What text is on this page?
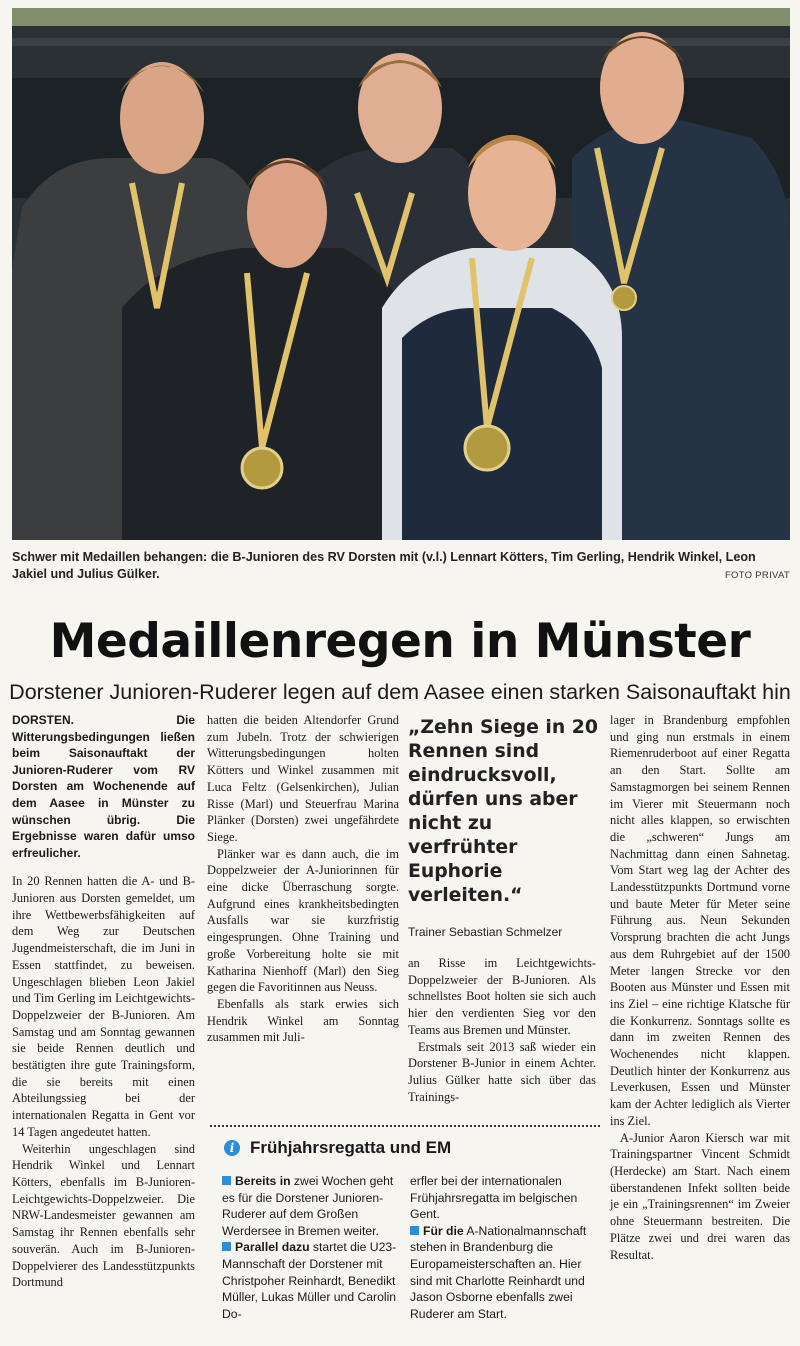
Schwer mit Medaillen behangen: die B-Junioren des RV Dorsten mit (v.l.) Lennart Kötters, Tim Gerling, Hendrik Winkel, Leon Jakiel und Julius Gülker.	FOTO PRIVAT
Medaillenregen in Münster
Dorstener Junioren-Ruderer legen auf dem Aasee einen starken Saisonauftakt hin

DORSTEN. Die Witterungsbedingungen ließen beim Saisonauftakt der Junioren-Ruderer vom RV Dorsten am Wochenende auf dem Aasee in Münster zu wünschen übrig. Die Ergebnisse waren dafür umso erfreulicher.

In 20 Rennen hatten die A- und B-Junioren aus Dorsten gemeldet, um ihre Wettbewerbsfähigkeiten auf dem Weg zur Deutschen Jugendmeisterschaft, die im Juni in Essen stattfindet, zu beweisen. Ungeschlagen blieben Leon Jakiel und Tim Gerling im Leichtgewichts-Doppelzweier der B-Junioren. Am Samstag und am Sonntag gewannen sie beide Rennen deutlich und bestätigten ihre gute Trainingsform, die sie bereits mit einen Abteilungssieg bei der internationalen Regatta in Gent vor 14 Tagen angedeutet hatten.

Weiterhin ungeschlagen sind Hendrik Winkel und Lennart Kötters, ebenfalls im B-Junioren-Leichtgewichts-Doppelzweier. Die NRW-Landesmeister gewannen am Samstag ihr Rennen ebenfalls sehr souverän. Auch im B-Junioren-Doppelvierer des Landesstützpunkts Dortmund

hatten die beiden Altendorfer Grund zum Jubeln. Trotz der schwierigen Witterungsbedingungen holten Kötters und Winkel zusammen mit Luca Feltz (Gelsenkirchen), Julian Risse (Marl) und Steuerfrau Marina Plänker (Dorsten) zwei ungefährdete Siege.

Plänker war es dann auch, die im Doppelzweier der A-Juniorinnen für eine dicke Überraschung sorgte. Aufgrund eines krankheitsbedingten Ausfalls war sie kurzfristig eingesprungen. Ohne Training und große Vorbereitung holte sie mit Katharina Nienhoff (Marl) den Sieg gegen die Favoritinnen aus Neuss.

Ebenfalls als stark erwies sich Hendrik Winkel am Sonntag zusammen mit Juli-

„Zehn Siege in 20 Rennen sind eindrucksvoll, dürfen uns aber nicht zu verfrühter Euphorie verleiten.“
Trainer Sebastian Schmelzer

an Risse im Leichtgewichts-Doppelzweier der B-Junioren. Als schnellstes Boot holten sie sich auch hier den verdienten Sieg vor den Teams aus Bremen und Münster.

Erstmals seit 2013 saß wieder ein Dorstener B-Junior in einem Achter. Julius Gülker hatte sich über das Trainings-

lager in Brandenburg empfohlen und ging nun erstmals in einem Riemenruderboot auf einer Regatta an den Start. Sollte am Samstagmorgen bei seinem Rennen im Vierer mit Steuermann noch nicht alles klappen, so erwischten die „schweren“ Jungs am Nachmittag dann einen Sahnetag. Vom Start weg lag der Achter des Landesstützpunkts Dortmund vorne und baute Meter für Meter seine Führung aus. Neun Sekunden Vorsprung brachten die acht Jungs aus dem Ruhrgebiet auf der 1500 Meter langen Strecke vor den Booten aus Münster und Essen mit ins Ziel – eine richtige Klatsche für die Konkurrenz. Sonntags sollte es dann im zweiten Rennen des Wochenendes nicht klappen. Deutlich hinter der Konkurrenz aus Leverkusen, Essen und Münster kam der Achter lediglich als Vierter ins Ziel.

A-Junior Aaron Kiersch war mit Trainingspartner Vincent Schmidt (Herdecke) am Start. Nach einem überstandenen Infekt sollten beide je ein „Trainingsrennen“ im Zweier ohne Steuermann bestreiten. Die Plätze zwei und drei waren das Resultat.

i Frühjahrsregatta und EM

Bereits in zwei Wochen geht es für die Dorstener Junioren-Ruderer auf dem Großen Werdersee in Bremen weiter.

Parallel dazu startet die U23-Mannschaft der Dorstener mit Christpoher Reinhardt, Benedikt Müller, Lukas Müller und Carolin Do-

erfler bei der internationalen Frühjahrsregatta im belgischen Gent.

Für die A-Nationalmannschaft stehen in Brandenburg die Europameisterschaften an. Hier sind mit Charlotte Reinhardt und Jason Osborne ebenfalls zwei Ruderer am Start.
